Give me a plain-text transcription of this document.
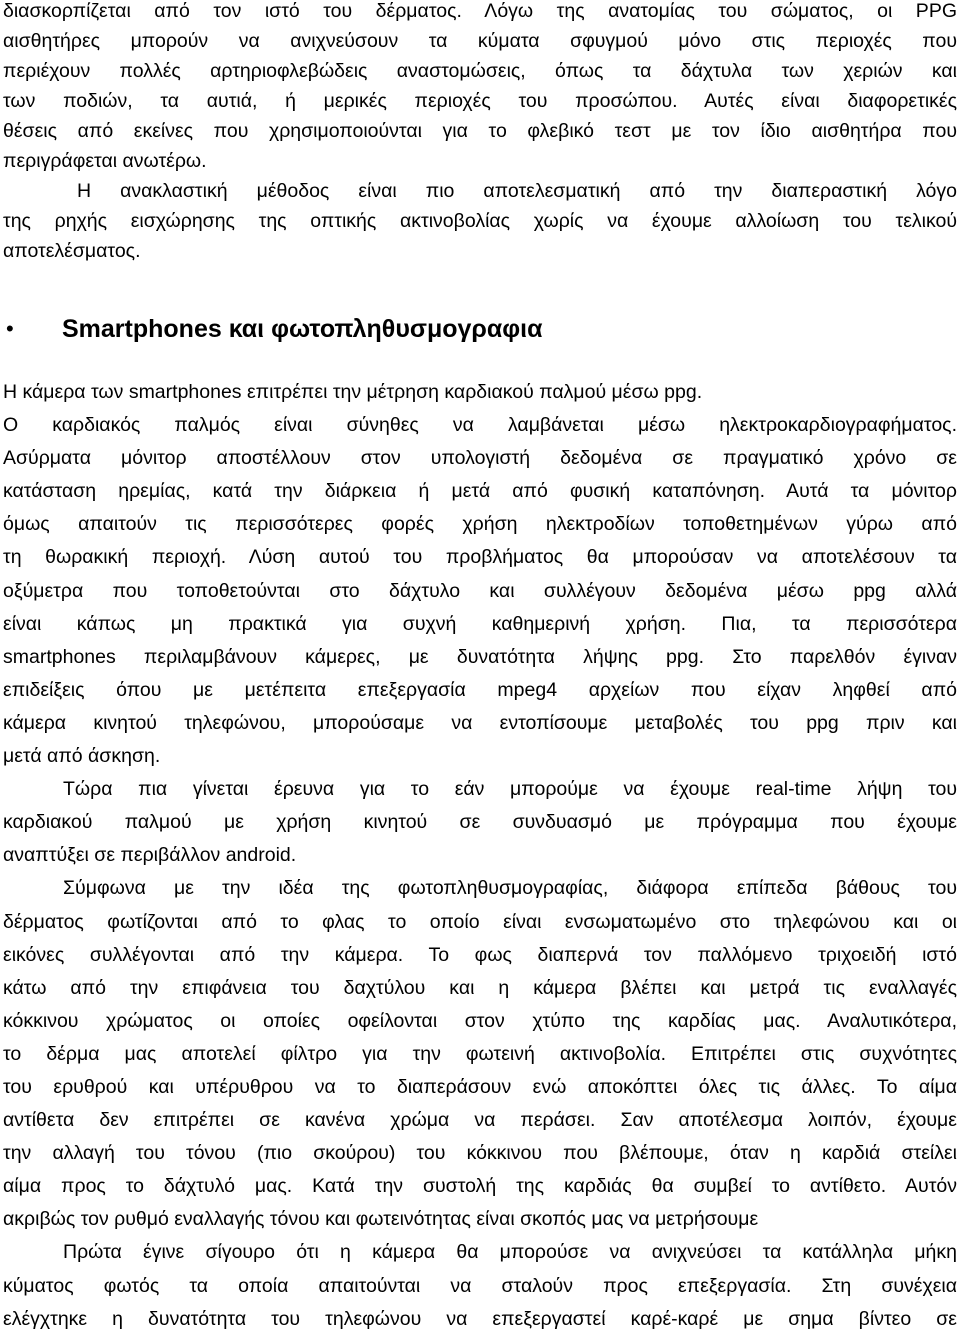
διασκορπίζεται από τον ιστό του δέρματος. Λόγω της ανατομίας του σώματος, οι PPG
αισθητήρες μπορούν να ανιχνεύσουν τα κύματα σφυγμού μόνο στις περιοχές που
περιέχουν πολλές αρτηριοφλεβώδεις αναστομώσεις, όπως τα δάχτυλα των χεριών και
των ποδιών, τα αυτιά, ή μερικές περιοχές του προσώπου. Αυτές είναι διαφορετικές
θέσεις από εκείνες που χρησιμοποιούνται για το φλεβικό τεστ με τον ίδιο αισθητήρα που
περιγράφεται ανωτέρω.
Η ανακλαστική μέθοδος είναι πιο αποτελεσματική από την διαπεραστική λόγο
της ρηχής εισχώρησης της οπτικής ακτινοβολίας χωρίς να έχουμε αλλοίωση του τελικού
αποτελέσματος.
• Smartphones και φωτοπληθυσμογραφια
Η κάμερα των smartphones επιτρέπει την μέτρηση καρδιακού παλμού μέσω ppg.
Ο καρδιακός παλμός είναι σύνηθες να λαμβάνεται μέσω ηλεκτροκαρδιογραφήματος.
Ασύρματα μόνιτορ αποστέλλουν στον υπολογιστή δεδομένα σε πραγματικό χρόνο σε
κατάσταση ηρεμίας, κατά την διάρκεια ή μετά από φυσική καταπόνηση. Αυτά τα μόνιτορ
όμως απαιτούν τις περισσότερες φορές χρήση ηλεκτροδίων τοποθετημένων γύρω από
τη θωρακική περιοχή. Λύση αυτού του προβλήματος θα μπορούσαν να αποτελέσουν τα
οξύμετρα που τοποθετούνται στο δάχτυλο και συλλέγουν δεδομένα μέσω ppg αλλά
είναι κάπως μη πρακτικά για συχνή καθημερινή χρήση. Πια, τα περισσότερα
smartphones περιλαμβάνουν κάμερες, με δυνατότητα λήψης ppg. Στο παρελθόν έγιναν
επιδείξεις όπου με μετέπειτα επεξεργασία mpeg4 αρχείων που είχαν ληφθεί από
κάμερα κινητού τηλεφώνου, μπορούσαμε να εντοπίσουμε μεταβολές του ppg πριν και
μετά από άσκηση.
Τώρα πια γίνεται έρευνα για το εάν μπορούμε να έχουμε real-time λήψη του
καρδιακού παλμού με χρήση κινητού σε συνδυασμό με πρόγραμμα που έχουμε
αναπτύξει σε περιβάλλον android.
Σύμφωνα με την ιδέα της φωτοπληθυσμογραφίας, διάφορα επίπεδα βάθους του
δέρματος φωτίζονται από το φλας το οποίο είναι ενσωματωμένο στο τηλεφώνου και οι
εικόνες συλλέγονται από την κάμερα. Το φως διαπερνά τον παλλόμενο τριχοειδή ιστό
κάτω από την επιφάνεια του δαχτύλου και η κάμερα βλέπει και μετρά τις εναλλαγές
κόκκινου χρώματος οι οποίες οφείλονται στον χτύπο της καρδίας μας. Αναλυτικότερα,
το δέρμα μας αποτελεί φίλτρο για την φωτεινή ακτινοβολία. Επιτρέπει στις συχνότητες
του ερυθρού και υπέρυθρου να το διαπεράσουν ενώ αποκόπτει όλες τις άλλες. Το αίμα
αντίθετα δεν επιτρέπει σε κανένα χρώμα να περάσει. Σαν αποτέλεσμα λοιπόν, έχουμε
την αλλαγή του τόνου (πιο σκούρου) του κόκκινου που βλέπουμε, όταν η καρδιά στείλει
αίμα προς το δάχτυλό μας. Κατά την συστολή της καρδιάς θα συμβεί το αντίθετο. Αυτόν
ακριβώς τον ρυθμό εναλλαγής τόνου και φωτεινότητας είναι σκοπός μας να μετρήσουμε
Πρώτα έγινε σίγουρο ότι η κάμερα θα μπορούσε να ανιχνεύσει τα κατάλληλα μήκη
κύματος φωτός τα οποία απαιτούνται να σταλούν προς επεξεργασία. Στη συνέχεια
ελέγχτηκε η δυνατότητα του τηλεφώνου να επεξεργαστεί καρέ-καρέ με σημα βίντεο σε
